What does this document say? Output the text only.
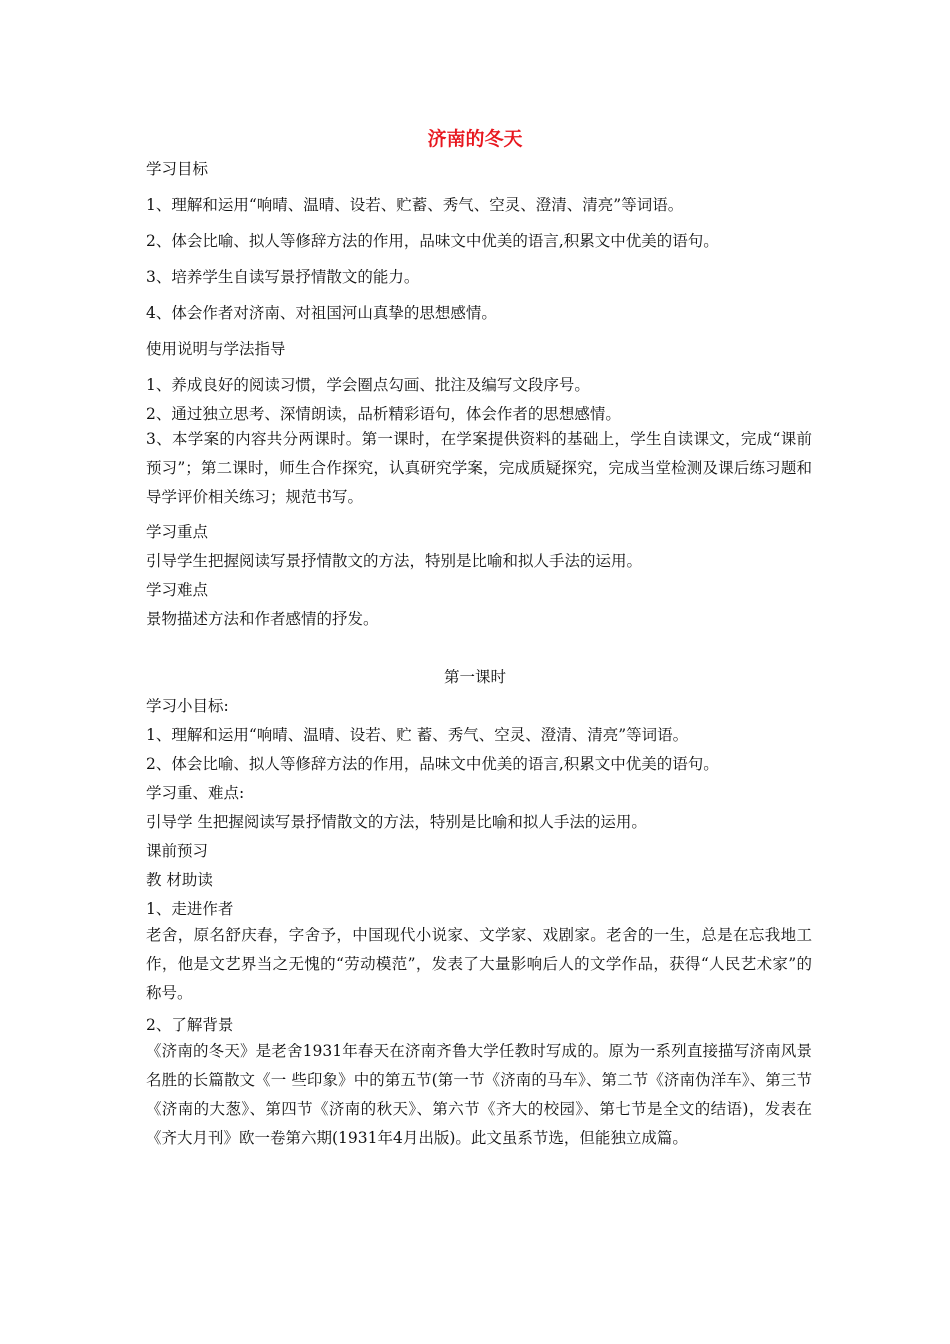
济南的冬天
学习目标
1、理解和运用“响晴、温晴、设若、贮蓄、秀气、空灵、澄清、清亮”等词语。
2、体会比喻、拟人等修辞方法的作用，品味文中优美的语言,积累文中优美的语句。
3、培养学生自读写景抒情散文的能力。
4、体会作者对济南、对祖国河山真挚的思想感情。
使用说明与学法指导
1、养成良好的阅读习惯，学会圈点勾画、批注及编写文段序号。
2、通过独立思考、深情朗读，品析精彩语句，体会作者的思想感情。
3、本学案的内容共分两课时。第一课时，在学案提供资料的基础上，学生自读课文，完成“课前预习”；第二课时，师生合作探究，认真研究学案，完成质疑探究，完成当堂检测及课后练习题和导学评价相关练习；规范书写。
学习重点
引导学生把握阅读写景抒情散文的方法，特别是比喻和拟人手法的运用。
学习难点
景物描述方法和作者感情的抒发。
第一课时
学习小目标:
1、理解和运用“响晴、温晴、设若、贮 蓄、秀气、空灵、澄清、清亮”等词语。
2、体会比喻、拟人等修辞方法的作用，品味文中优美的语言,积累文中优美的语句。
学习重、难点:
引导学 生把握阅读写景抒情散文的方法，特别是比喻和拟人手法的运用。
课前预习
教 材助读
1、走进作者
老舍，原名舒庆春，字舍予，中国现代小说家、文学家、戏剧家。老舍的一生，总是在忘我地工作，他是文艺界当之无愧的“劳动模范”，发表了大量影响后人的文学作品，获得“人民艺术家”的称号。
2、了解背景
《济南的冬天》是老舍1931年春天在济南齐鲁大学任教时写成的。原为一系列直接描写济南风景名胜的长篇散文《一 些印象》中的第五节(第一节《济南的马车》、第二节《济南伪洋车》、第三节 《济南的大葱》、第四节《济南的秋天》、第六节《齐大的校园》、第七节是全文的结语)，发表在《齐大月刊》欧一卷第六期(1931年4月出版)。此文虽系节选，但能独立成篇。
